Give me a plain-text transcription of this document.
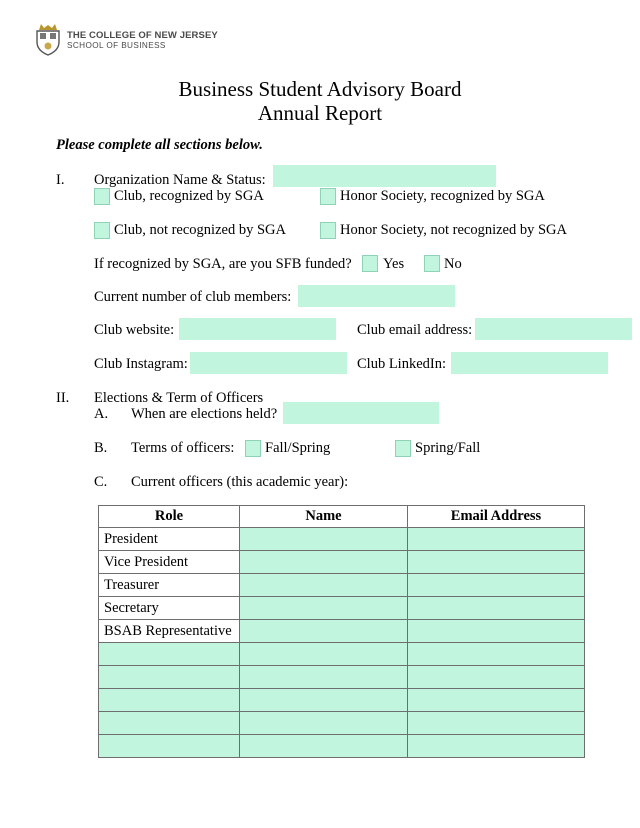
THE COLLEGE OF NEW JERSEY
SCHOOL OF BUSINESS
Business Student Advisory Board
Annual Report
Please complete all sections below.
I. Organization Name & Status:
Club, recognized by SGA	Honor Society, recognized by SGA
Club, not recognized by SGA	Honor Society, not recognized by SGA
If recognized by SGA, are you SFB funded? Yes	No
Current number of club members:
Club website:	Club email address:
Club Instagram:	Club LinkedIn:
II. Elections & Term of Officers
A. When are elections held?
B. Terms of officers: Fall/Spring	Spring/Fall
C. Current officers (this academic year):
Role	Name	Email Address
President		
Vice President		
Treasurer		
Secretary		
BSAB Representative		
